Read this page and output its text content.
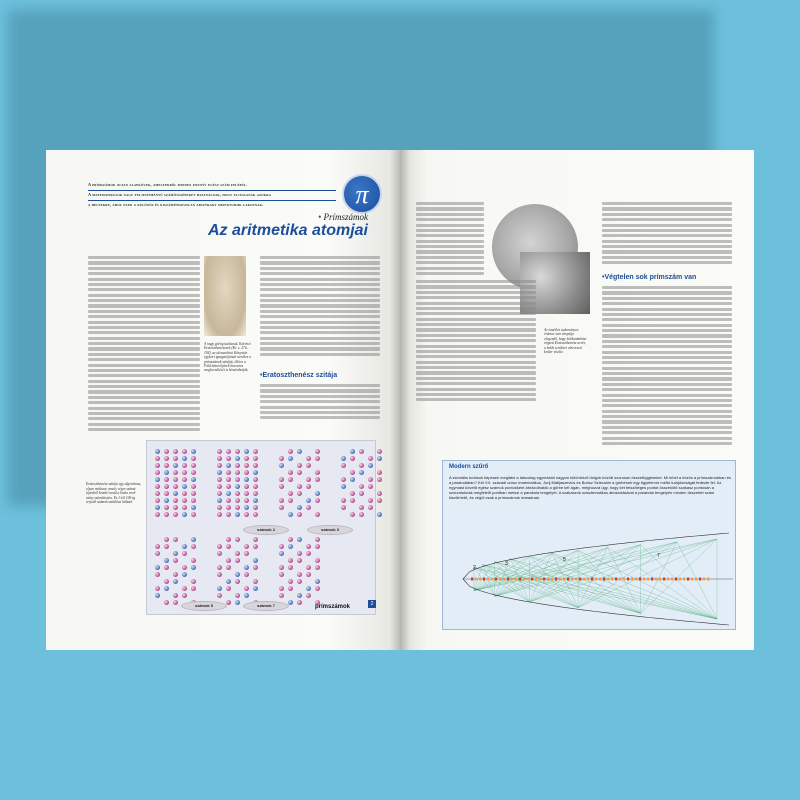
A prímszámok olyan alapkövek, amelyekből minden pozitív egész szám felépül.
A matematikusok nagy teljesítményű számítógépeket használnak, hogy eljussanak azokra
a helyekre, ahol ezek a különös és kiszámíthatatlan absztrakt objektumok lakoznak.	π
• Prímszámok
Az aritmetika atomjai
A nagy görög tudósnak, Kürénei Eratoszthenésznek (Kr. e. 276–194), az alexandriai Könyvtár egykori igazgatójának nevéhez a prímszámok szitáját, illetve a Föld átmérőjének bravúros megbecsülését is köszönhetjük.
•Eratoszthenész szitája
Eratoszthenész szitája egy algoritmus, olyan módszer, amely végre számú lépésből kiszűri maid a kíván ered-mény számítására. Ez 1-től 100-ig terjedő számok szitálása látható.
számok 2	számok 3
számok 5	számok 7	prímszámok	2
Az ismétlés tudományos érdeme sem árnyalja elegendő, hogy holdszámítást végzett Eratoszthenész nevét, a holdi területet elnevezett kráter viselte.
•Végtelen sok prímszám van
Modern szűrő
A zseniális tudósok képesek meglátni a látszólag egymástól nagyon különböző dolgok között szorosan összefüggéseket. Mi lehet a közös a prímszámokban és a parabolában? Két XX. századi orosz matematikus, Jurij Matijaszevics és Borisz Sztecskin a görbének egy figyelemre méltó tulajdonságát fedezte fel. Az egymást követő egész számok pontokként ábrázolhatók a görbe két ágán, méghozzá úgy, hogy két tetszőleges pontot összekötő szakasz pontosan a szorzatuknak megfelelő pontban metszi a parabola tengelyét. A szakaszok szisztematikus ábrázolásával a parabola tengelyén minden összetett szám kiszűrhető, és végül csak a prímszámok maradnak.
2
3
5
7
